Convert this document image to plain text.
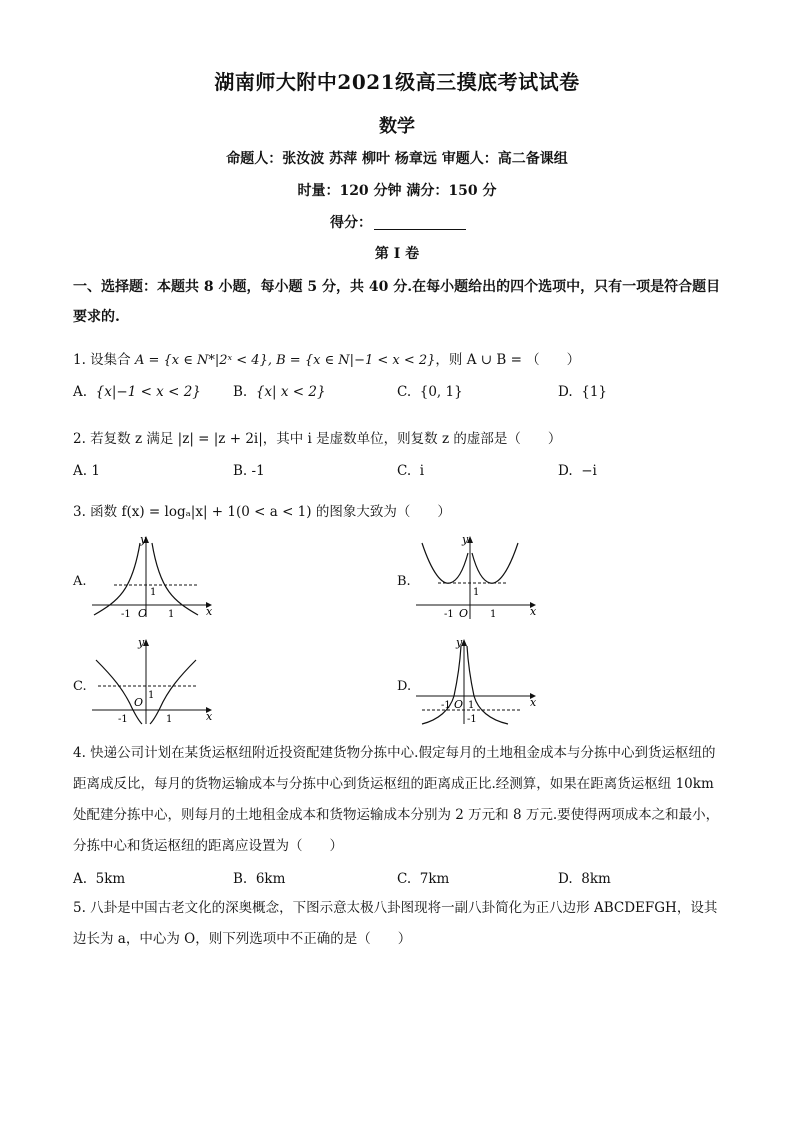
湖南师大附中2021级高三摸底考试试卷
数学
命题人：张汝波 苏萍 柳叶 杨章远 审题人：高二备课组
时量：120 分钟 满分：150 分
得分：
第 I 卷
一、选择题：本题共 8 小题，每小题 5 分，共 40 分.在每小题给出的四个选项中，只有一项是符合题目要求的.
1. 设集合 A = {x ∈ N*|2ˣ < 4}, B = {x ∈ N|−1 < x < 2}，则 A ∪ B = （　　）
A. {x|−1 < x < 2} B. {x| x < 2}	C. {0, 1}	D. {1}
2. 若复数 z 满足 |z| = |z + 2i|，其中 i 是虚数单位，则复数 z 的虚部是（　　）
A. 1	B. -1	C. i	D. −i
3. 函数 f(x) = logₐ|x| + 1(0 < a < 1) 的图象大致为（　　）
A.	B.
C.	D.
y
x
O
1
-1	1
y
x
O
1
-1	1
y
x
O
1
-1	1
y
x
O
-1 1
-1
4. 快递公司计划在某货运枢纽附近投资配建货物分拣中心.假定每月的土地租金成本与分拣中心到货运枢纽的距离成反比，每月的货物运输成本与分拣中心到货运枢纽的距离成正比.经测算，如果在距离货运枢纽 10km 处配建分拣中心，则每月的土地租金成本和货物运输成本分别为 2 万元和 8 万元.要使得两项成本之和最小，分拣中心和货运枢纽的距离应设置为（　　）
A. 5km	B. 6km	C. 7km	D. 8km
5. 八卦是中国古老文化的深奥概念，下图示意太极八卦图现将一副八卦简化为正八边形 ABCDEFGH，设其边长为 a，中心为 O，则下列选项中不正确的是（　　）
